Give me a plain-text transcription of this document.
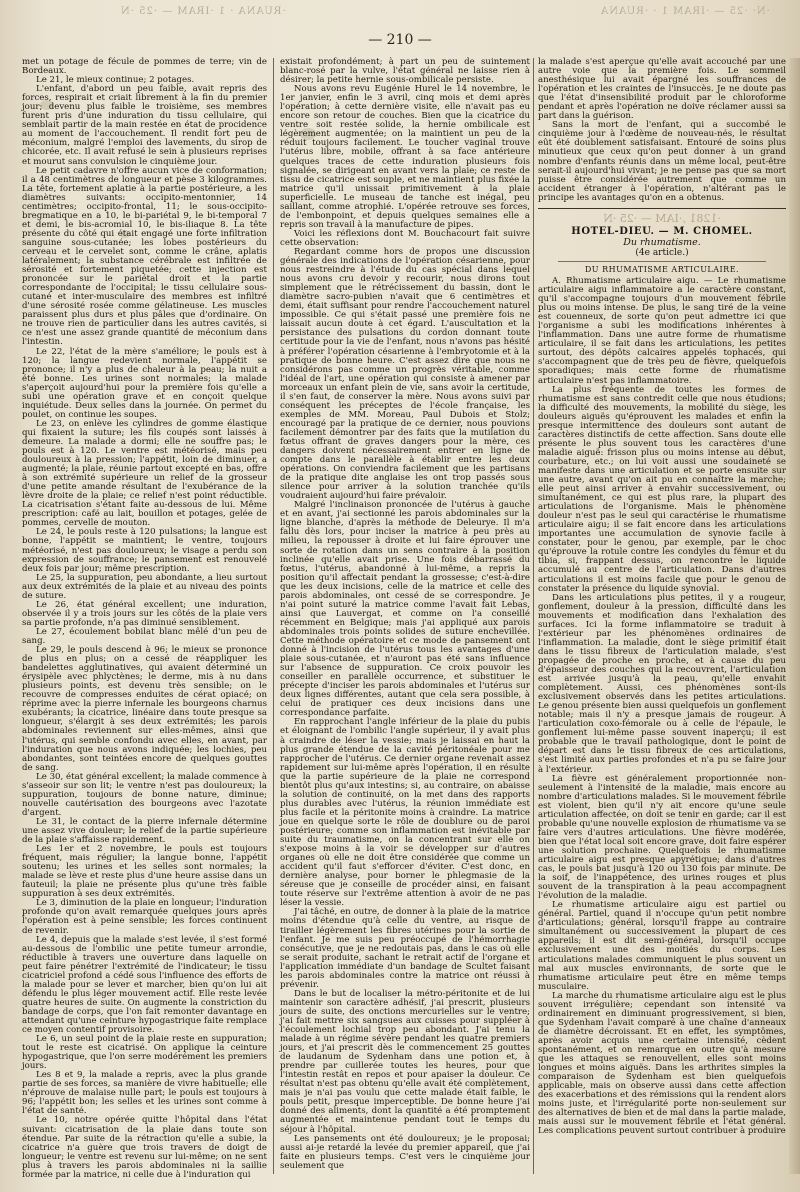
·RUANA · 1 ·IRAM — ·25 ·Ν	·Ν· ·25 — ·IRAM 1 · ·RUANA
— 210 —

met un potage de fécule de pommes de terre; vin de Bordeaux.

Le 21, le mieux continue; 2 potages.

L'enfant, d'abord un peu faible, avait repris des forces, respirait et criait librement à la fin du premier jour; devenu plus faible le troisième, ses membres furent pris d'une induration du tissu cellulaire, qui semblait partir de la main restée en état de procidence au moment de l'accouchement. Il rendit fort peu de méconium, malgré l'emploi des lavements, du sirop de chicorée, etc. Il avait refusé le sein à plusieurs reprises et mourut sans convulsion le cinquième jour.

Le petit cadavre n'offre aucun vice de conformation; il a 48 centimètres de longueur et pèse 3 kilogrammes. La tête, fortement aplatie à la partie postérieure, a les diamètres suivants: occipito-mentonnier, 14 centimètres; occipito-frontal, 11; le sous-occipito-bregmatique en a 10, le bi-pariétal 9, le bi-temporal 7 et demi, le bis-acromial 10, le bis-iliaque 8. La tête présente du côté qui était engagé une forte infiltration sanguine sous-cutanée; les lobes postérieurs du cerveau et le cervelet sont, comme le crâne, aplatis latéralement; la substance cérébrale est infiltrée de sérosité et fortement piquetée; cette injection est prononcée sur le pariétal droit et la partie correspondante de l'occipital; le tissu cellulaire sous-cutané et inter-musculaire des membres est infiltré d'une sérosité rosée comme gélatineuse. Les muscles paraissent plus durs et plus pâles que d'ordinaire. On ne trouve rien de particulier dans les autres cavités, si ce n'est une assez grande quantité de méconium dans l'intestin.

Le 22, l'état de la mère s'améliore; le pouls est à 120; la langue redevient normale, l'appétit se prononce; il n'y a plus de chaleur à la peau; la nuit a été bonne. Les urines sont normales; la malade s'aperçoit aujourd'hui pour la première fois qu'elle a subi une opération grave et en conçoit quelque inquiétude. Deux selles dans la journée. On permet du poulet, on continue les soupes.

Le 23, on enlève les cylindres de gomme élastique qui fixaient la suture; les fils coupés sont laissés à demeure. La malade a dormi; elle ne souffre pas; le pouls est à 120. Le ventre est météorisé, mais peu douloureux à la pression; l'appétit, loin de diminuer, a augmenté; la plaie, réunie partout excepté en bas, offre à son extrémité supérieure un relief de la grosseur d'une petite amande résultant de l'exubérance de la lèvre droite de la plaie; ce relief n'est point réductible. La cicatrisation s'étant faite au-dessous de lui. Même prescription: café au lait, bouillon et potages, gelée de pommes, cervelle de mouton.

Le 24, le pouls reste à 120 pulsations; la langue est bonne, l'appétit se maintient; le ventre, toujours météorisé, n'est pas douloureux; le visage a perdu son expression de souffrance; le pansement est renouvelé deux fois par jour; même prescription.

Le 25, la suppuration, peu abondante, a lieu surtout aux deux extrémités de la plaie et au niveau des points de suture.

Le 26, état général excellent; une induration, observée il y a trois jours sur les côtés de la plaie vers sa partie profonde, n'a pas diminué sensiblement.

Le 27, écoulement bobilat blanc mêlé d'un peu de sang.

Le 29, le pouls descend à 96; le mieux se prononce de plus en plus; on a cessé de réappliquer les bandelettes agglutinatives, qui avaient déterminé un érysipèle avec phlyctènes; le derme, mis à nu dans plusieurs points, est devenu très sensible; on le recouvre de compresses enduites de cérat opiacé; on réprime avec la pierre infernale les bourgeons charnus exubérants; la cicatrice, linéaire dans toute presque sa longueur, s'élargit à ses deux extrémités; les parois abdominales reviennent sur elles-mêmes, ainsi que l'utérus, qui semble confondu avec elles, en avant, par l'induration que nous avons indiquée; les lochies, peu abondantes, sont teintées encore de quelques gouttes de sang.

Le 30, état général excellent; la malade commence à s'asseoir sur son lit; le ventre n'est pas douloureux; la suppuration, toujours de bonne nature, diminue; nouvelle cautérisation des bourgeons avec l'azotate d'argent.

Le 31, le contact de la pierre infernale détermine une assez vive douleur; le relief de la partie supérieure de la plaie s'affaisse rapidement.

Les 1er et 2 novembre, le pouls est toujours fréquent, mais régulier; la langue bonne, l'appétit soutenu; les urines et les selles sont normales; la malade se lève et reste plus d'une heure assise dans un fauteuil; la plaie ne présente plus qu'une très faible suppuration à ses deux extrémités.

Le 3, diminution de la plaie en longueur; l'induration profonde qu'on avait remarquée quelques jours après l'opération est à peine sensible; les forces continuent de revenir.

Le 4, depuis que la malade s'est levée, il s'est formé au-dessous de l'ombilic une petite tumeur arrondie, réductible à travers une ouverture dans laquelle on peut faire pénétrer l'extrémité de l'indicateur; le tissu cicatriciel profond a cédé sous l'influence des efforts de la malade pour se lever et marcher, bien qu'on lui ait défendu le plus léger mouvement actif. Elle reste levée quatre heures de suite. On augmente la constriction du bandage de corps, que l'on fait remonter davantage en attendant qu'une ceinture hypogastrique faite remplace ce moyen contentif provisoire.

Le 6, un seul point de la plaie reste en suppuration; tout le reste est cicatrisé. On applique la ceinture hypogastrique, que l'on serre modérément les premiers jours.

Les 8 et 9, la malade a repris, avec la plus grande partie de ses forces, sa manière de vivre habituelle; elle n'éprouve de malaise nulle part; le pouls est toujours à 96; l'appétit bon; les selles et les urines sont comme à l'état de santé.

Le 10, notre opérée quitte l'hôpital dans l'état suivant: cicatrisation de la plaie dans toute son étendue. Par suite de la rétraction qu'elle a subie, la cicatrice n'a guère que trois travers de doigt de longueur; le ventre est revenu sur lui-même; on ne sent plus à travers les parois abdominales ni la saillie formée par la matrice, ni celle due à l'induration qui

existait profondément; à part un peu de suintement blanc-rosé par la vulve, l'état général ne laisse rien à désirer; la petite hernie sous-ombilicale persiste.

Nous avons revu Eugénie Hurel le 14 novembre, le 1er janvier, enfin le 3 avril, cinq mois et demi après l'opération; à cette dernière visite, elle n'avait pas eu encore son retour de couches. Bien que la cicatrice du ventre soit restée solide, la hernie ombilicale est légèrement augmentée; on la maintient un peu de la réduit toujours facilement. Le toucher vaginal trouve l'utérus libre, mobile, offrant à sa face antérieure quelques traces de cette induration plusieurs fois signalée, se dirigeant en avant vers la plaie; ce reste de tissu de cicatrice est souple, et ne maintient plus fixée la matrice qu'il unissait primitivement à la plaie superficielle. Le museau de tanche est inégal, peu saillant, comme atrophié. L'opérée retrouve ses forces, de l'embonpoint, et depuis quelques semaines elle a repris son travail à la manufacture de pipes.

Voici les réflexions dont M. Bouchacourt fait suivre cette observation:

Regardant comme hors de propos une discussion générale des indications de l'opération césarienne, pour nous restreindre à l'étude du cas spécial dans lequel nous avons cru devoir y recourir, nous dirons tout simplement que le rétrécissement du bassin, dont le diamètre sacro-pubien n'avait que 6 centimètres et demi, était suffisant pour rendre l'accouchement naturel impossible. Ce qui s'était passé une première fois ne laissait aucun doute à cet égard. L'auscultation et la persistance des pulsations du cordon donnant toute certitude pour la vie de l'enfant, nous n'avons pas hésité à préférer l'opération césarienne à l'embryotomie et à la pratique de bonne heure. C'est assez dire que nous ne considérons pas comme un progrès véritable, comme l'idéal de l'art, une opération qui consiste à amener par morceaux un enfant plein de vie, sans avoir la certitude, il s'en faut, de conserver la mère. Nous avons suivi par conséquent les préceptes de l'école française, les exemples de MM. Moreau, Paul Dubois et Stolz; encouragé par la pratique de ce dernier, nous pouvions facilement démontrer par des faits que la mutilation du fœtus offrant de graves dangers pour la mère, ces dangers doivent nécessairement entrer en ligne de compte dans le parallèle à établir entre les deux opérations. On conviendra facilement que les partisans de la pratique dite anglaise les ont trop passés sous silence pour arriver à la solution tranchée qu'ils voudraient aujourd'hui faire prévaloir.

Malgré l'inclinaison prononcée de l'utérus à gauche et en avant, j'ai sectionné les parois abdominales sur la ligne blanche, d'après la méthode de Deleurye. Il m'a fallu dès lors, pour inciser la matrice à peu près au milieu, la repousser à droite et lui faire éprouver une sorte de rotation dans un sens contraire à la position inclinée qu'elle avait prise. Une fois débarrassé du fœtus, l'utérus, abandonné à lui-même, a repris la position qu'il affectait pendant la grossesse; c'est-à-dire que les deux incisions, celle de la matrice et celle des parois abdominales, ont cessé de se correspondre. Je n'ai point suturé la matrice comme l'avait fait Lebas, ainsi que Lauvergat, et comme on l'a conseillé récemment en Belgique; mais j'ai appliqué aux parois abdominales trois points solides de suture enchevillée. Cette méthode opératoire et ce mode de pansement ont donné à l'incision de l'utérus tous les avantages d'une plaie sous-cutanée, et n'auront pas été sans influence sur l'absence de suppuration. Ce croix pouvoir les conseiller en parallèle occurrence, et substituer le précepte d'inciser les parois abdominales et l'utérus sur deux lignes différentes, autant que cela sera possible, à celui de pratiquer ces deux incisions dans une correspondance parfaite.

En rapprochant l'angle inférieur de la plaie du pubis et éloignant de l'ombilic l'angle supérieur, il y avait plus à craindre de léser la vessie; mais je laissai en haut la plus grande étendue de la cavité péritonéale pour me rapprocher de l'utérus. Ce dernier organe revenait assez rapidement sur lui-même après l'opération, il en résulte que la partie supérieure de la plaie ne correspond bientôt plus qu'aux intestins; si, au contraire, on abaisse la solution de continuité, on la met dans des rapports plus durables avec l'utérus, la réunion immédiate est plus facile et la péritonite moins à craindre. La matrice joue en quelque sorte le rôle de doublure ou de paroi postérieure; comme son inflammation est inévitable par suite du traumatisme, on la concentrant sur elle on s'expose moins à la voir se développer sur d'autres organes où elle ne doit être considérée que comme un accident qu'il faut s'efforcer d'éviter. C'est donc, en dernière analyse, pour borner le phlegmasie de la séreuse que je conseille de procéder ainsi, en faisant toute réserve sur l'extrême attention à avoir de ne pas léser la vessie.

J'ai tâché, en outre, de donner à la plaie de la matrice moins d'étendue qu'à celle du ventre, au risque de tirailler légèrement les fibres utérines pour la sortie de l'enfant. Je me suis peu préoccupé de l'hémorrhagie consécutive, que je ne redoutais pas, dans le cas où elle se serait produite, sachant le retrait actif de l'organe et l'application immédiate d'un bandage de Scultet faisant les parois abdominales contre la matrice ont réussi à prévenir.

Dans le but de localiser la métro-péritonite et de lui maintenir son caractère adhésif, j'ai prescrit, plusieurs jours de suite, des onctions mercurielles sur le ventre; j'ai fait mettre six sangsues aux cuisses pour suppléer à l'écoulement lochial trop peu abondant. J'ai tenu la malade à un régime sévère pendant les quatre premiers jours, et j'ai prescrit dès le commencement 25 gouttes de laudanum de Sydenham dans une potion et, à prendre par cuillerée toutes les heures, pour que l'intestin restât en repos et pour apaiser la douleur. Ce résultat n'est pas obtenu qu'elle avait été complètement, mais je n'ai pas voulu que cette malade était faible, le pouls petit, presque imperceptible. De bonne heure j'ai donné des aliments, dont la quantité a été promptement augmentée et maintenue pendant tout le temps du séjour à l'hôpital.

Les pansements ont été douloureux; je le proposai; aussi ai-je retardé la levée du premier appareil, que j'ai faite en plusieurs temps. C'est vers le cinquième jour seulement que

la malade s'est aperçue qu'elle avait accouché par une autre voie que la première fois. Le sommeil anesthésique lui avait épargné les souffrances de l'opération et les craintes de l'insuccès. Je ne doute pas que l'état d'insensibilité produit par le chloroforme pendant et après l'opération ne doive réclamer aussi sa part dans la guérison.

Sans la mort de l'enfant, qui a succombé le cinquième jour à l'œdème de nouveau-nés, le résultat eût été doublement satisfaisant. Entouré de soins plus minutieux que ceux qu'on peut donner à un grand nombre d'enfants réunis dans un même local, peut-être serait-il aujourd'hui vivant; je ne pense pas que sa mort puisse être considérée autrement que comme un accident étranger à l'opération, n'altérant pas le principe les avantages qu'on en a obtenus.

·1281 ,·IAM — ·25 ·Ν
HOTEL-DIEU. — M. CHOMEL.
Du rhumatisme.
(4e article.)
DU RHUMATISME ARTICULAIRE.

A. Rhumatisme articulaire aigu. — Le rhumatisme articulaire aigu inflammatoire a le caractère constant, qu'il s'accompagne toujours d'un mouvement fébrile plus ou moins intense. De plus, le sang tiré de la veine est couenneux, de sorte qu'on peut admettre ici que l'organisme a subi les modifications inhérentes à l'inflammation. Dans une autre forme de rhumatisme articulaire, il se fait dans les articulations, les petites surtout, des dépôts calcaires appelés tophacés, qui s'accompagnent que de très peu de fièvre, quelquefois sporadiques; mais cette forme de rhumatisme articulaire n'est pas inflammatoire.

La plus fréquente de toutes les formes de rhumatisme est sans contredit celle que nous étudions; la difficulté des mouvements, la mobilité du siège, les douleurs aiguës qu'éprouvent les malades et enfin la presque intermittence des douleurs sont autant de caractères distinctifs de cette affection. Sans doute elle présente le plus souvent tous les caractères d'une maladie aiguë: frisson plus ou moins intense au début, courbature, etc.; on lui voit aussi une soudaineté se manifeste dans une articulation et se porte ensuite sur une autre, avant qu'on ait pu en connaître la marche; elle peut ainsi arriver à envahir successivement, ou simultanément, ce qui est plus rare, la plupart des articulations de l'organisme. Mais le phénomène douleur n'est pas le seul qui caractérise le rhumatisme articulaire aigu; il se fait encore dans les articulations importantes une accumulation de synovie facile à constater, pour le genou, par exemple, par le choc qu'éprouve la rotule contre les condyles du fémur et du tibia, si, frappant dessus, on rencontre le liquide accumulé au centre de l'articulation. Dans d'autres articulations il est moins facile que pour le genou de constater la présence du liquide synovial.

Dans les articulations plus petites, il y a rougeur, gonflement, douleur à la pression, difficulté dans les mouvements et modification dans l'exhalation des surfaces. Ici la forme inflammatoire se traduit à l'extérieur par les phénomènes ordinaires de l'inflammation. La maladie, dont le siège primitif était dans le tissu fibreux de l'articulation malade, s'est propagée de proche en proche, et à cause du peu d'épaisseur des couches qui la recouvrent, l'articulation est arrivée jusqu'à la peau, qu'elle envahit complètement. Aussi, ces phénomènes sont-ils exclusivement observés dans les petites articulations. Le genou présente bien aussi quelquefois un gonflement notable; mais il n'y a presque jamais de rougeur. À l'articulation coxo-fémorale ou à celle de l'épaule, le gonflement lui-même passe souvent inaperçu; il est probable que le travail pathologique, dont le point de départ est dans le tissu fibreux de ces articulations, s'est limité aux parties profondes et n'a pu se faire jour à l'extérieur.

La fièvre est généralement proportionnée non-seulement à l'intensité de la maladie, mais encore au nombre d'articulations malades. Si le mouvement fébrile est violent, bien qu'il n'y ait encore qu'une seule articulation affectée, on doit se tenir en garde; car il est probable qu'une nouvelle explosion de rhumatisme va se faire vers d'autres articulations. Une fièvre modérée, bien que l'état local soit encore grave, doit faire espérer une solution prochaine. Quelquefois le rhumatisme articulaire aigu est presque apyrétique; dans d'autres cas, le pouls bat jusqu'à 120 ou 130 fois par minute. De la soif, de l'inappétence, des urines rouges et plus souvent de la transpiration à la peau accompagnent l'évolution de la maladie.

Le rhumatisme articulaire aigu est partiel ou général. Partiel, quand il n'occupe qu'un petit nombre d'articulations; général, lorsqu'il frappe au contraire simultanément ou successivement la plupart de ces appareils; il est dit semi-général, lorsqu'il occupe exclusivement une des moitiés du corps. Les articulations malades communiquent le plus souvent un mal aux muscles environnants, de sorte que le rhumatisme articulaire peut être en même temps musculaire.

La marche du rhumatisme articulaire aigu est le plus souvent irrégulière; cependant son intensité va ordinairement en diminuant progressivement, si bien, que Sydenham l'avait comparé à une chaîne d'anneaux de diamètre décroissant. Et en effet, les symptômes, après avoir acquis une certaine intensité, cèdent spontanément, et on remarque en outre qu'à mesure que les attaques se renouvellent, elles sont moins longues et moins aiguës. Dans les arthrites simples la comparaison de Sydenham est bien quelquefois applicable, mais on observe aussi dans cette affection des exacerbations et des rémissions qui la rendent alors moins juste, et l'irrégularité porte non-seulement sur des alternatives de bien et de mal dans la partie malade, mais aussi sur le mouvement fébrile et l'état général. Les complications peuvent surtout contribuer à produire
